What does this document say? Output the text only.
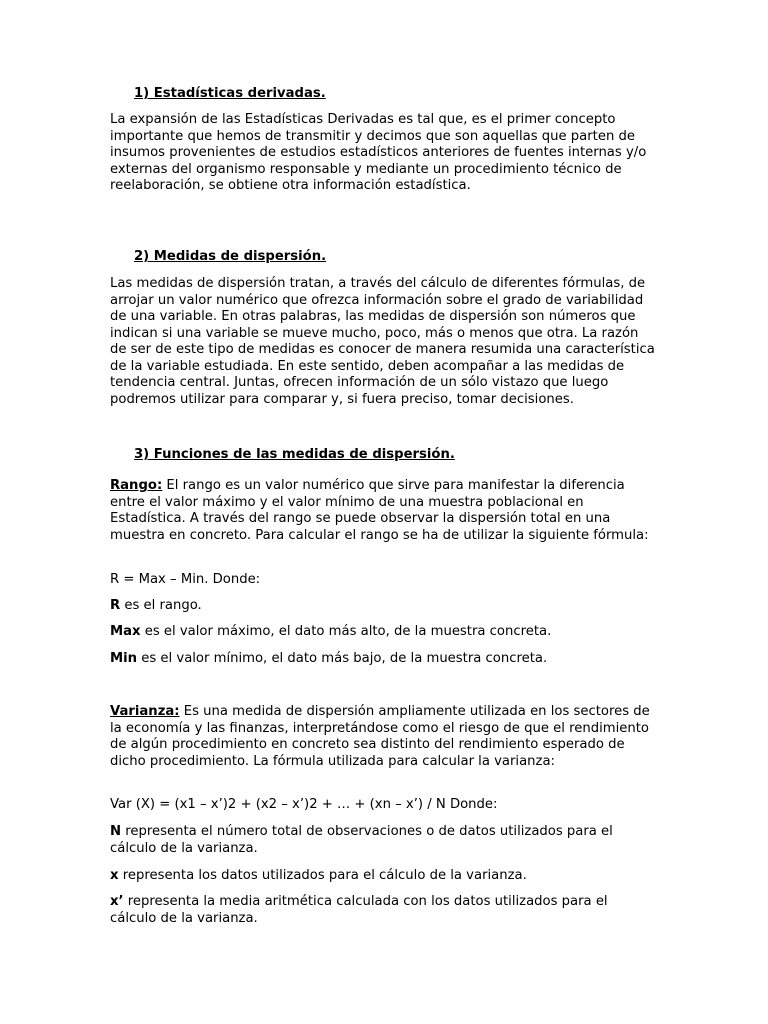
1) Estadísticas derivadas.
La expansión de las Estadísticas Derivadas es tal que, es el primer concepto importante que hemos de transmitir y decimos que son aquellas que parten de insumos provenientes de estudios estadísticos anteriores de fuentes internas y/o externas del organismo responsable y mediante un procedimiento técnico de reelaboración, se obtiene otra información estadística.
2) Medidas de dispersión.
Las medidas de dispersión tratan, a través del cálculo de diferentes fórmulas, de arrojar un valor numérico que ofrezca información sobre el grado de variabilidad de una variable. En otras palabras, las medidas de dispersión son números que indican si una variable se mueve mucho, poco, más o menos que otra. La razón de ser de este tipo de medidas es conocer de manera resumida una característica de la variable estudiada. En este sentido, deben acompañar a las medidas de tendencia central. Juntas, ofrecen información de un sólo vistazo que luego podremos utilizar para comparar y, si fuera preciso, tomar decisiones.
3) Funciones de las medidas de dispersión.
Rango: El rango es un valor numérico que sirve para manifestar la diferencia entre el valor máximo y el valor mínimo de una muestra poblacional en Estadística. A través del rango se puede observar la dispersión total en una muestra en concreto. Para calcular el rango se ha de utilizar la siguiente fórmula:
R = Max – Min. Donde:
R es el rango.
Max es el valor máximo, el dato más alto, de la muestra concreta.
Min es el valor mínimo, el dato más bajo, de la muestra concreta.
Varianza: Es una medida de dispersión ampliamente utilizada en los sectores de la economía y las finanzas, interpretándose como el riesgo de que el rendimiento de algún procedimiento en concreto sea distinto del rendimiento esperado de dicho procedimiento. La fórmula utilizada para calcular la varianza:
Var (X) = (x1 – x’)2 + (x2 – x’)2 + … + (xn – x’) / N Donde:
N representa el número total de observaciones o de datos utilizados para el cálculo de la varianza.
x representa los datos utilizados para el cálculo de la varianza.
x’ representa la media aritmética calculada con los datos utilizados para el cálculo de la varianza.
